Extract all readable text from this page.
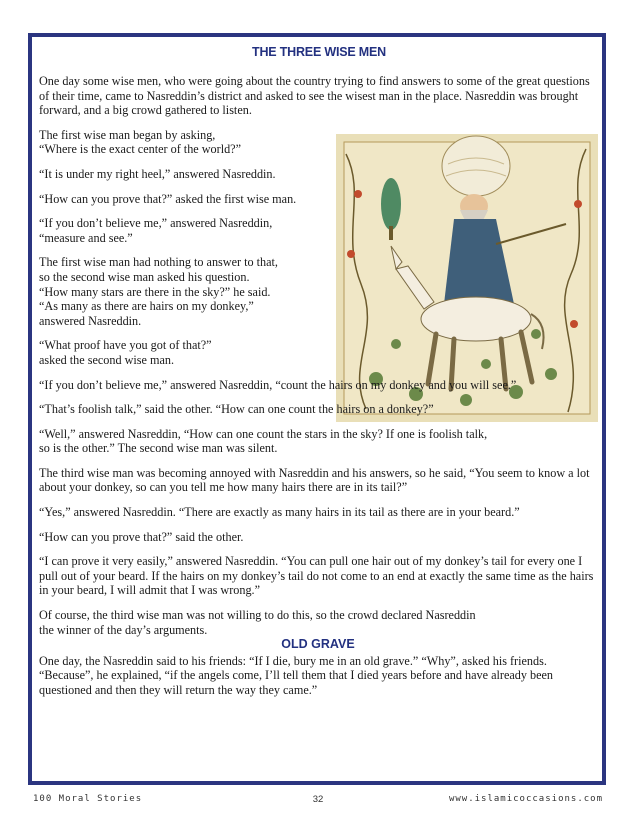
THE THREE WISE MEN

One day some wise men, who were going about the country trying to find answers to some of the great questions of their time, came to Nasreddin’s district and asked to see the wisest man in the place. Nasreddin was brought forward, and a big crowd gathered to listen.

The first wise man began by asking,
“Where is the exact center of the world?”

“It is under my right heel,” answered Nasreddin.

“How can you prove that?” asked the first wise man.

“If you don’t believe me,” answered Nasreddin,
“measure and see.”

The first wise man had nothing to answer to that,
so the second wise man asked his question.
“How many stars are there in the sky?” he said.
“As many as there are hairs on my donkey,”
answered Nasreddin.

“What proof have you got of that?”
asked the second wise man.

“If you don’t believe me,” answered Nasreddin, “count the hairs on my donkey and you will see.”

“That’s foolish talk,” said the other. “How can one count the hairs on a donkey?”

“Well,” answered Nasreddin, “How can one count the stars in the sky? If one is foolish talk,
so is the other.” The second wise man was silent.

The third wise man was becoming annoyed with Nasreddin and his answers, so he said, “You seem to know a lot about your donkey, so can you tell me how many hairs there are in its tail?”

“Yes,” answered Nasreddin. “There are exactly as many hairs in its tail as there are in your beard.”

“How can you prove that?” said the other.

“I can prove it very easily,” answered Nasreddin. “You can pull one hair out of my donkey’s tail for every one I pull out of your beard. If the hairs on my donkey’s tail do not come to an end at exactly the same time as the hairs in your beard, I will admit that I was wrong.”

Of course, the third wise man was not willing to do this, so the crowd declared Nasreddin
the winner of the day’s arguments.

OLD GRAVE

One day, the Nasreddin said to his friends: “If I die, bury me in an old grave.” “Why”, asked his friends. “Because”, he explained, “if the angels come, I’ll tell them that I died years before and have already been questioned and then they will return the way they came.”

100 Moral Stories	32	www.islamicoccasions.com
